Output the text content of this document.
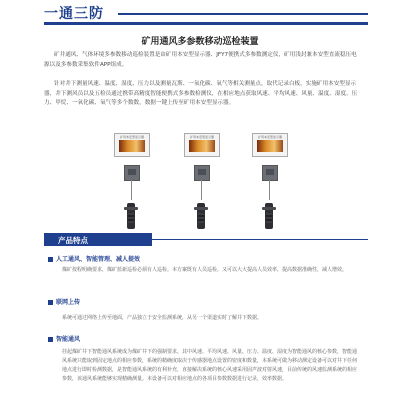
一通三防
矿用通风多参数移动巡检装置
矿井通风、气体环境多参数移动巡检装置是由矿用本安型显示器、JFY7便携式多参数测定仪，矿用浅封兼本安型直流稳压电源以及多参数采集软件APP组成。
针对井下测量风速、温度、湿度、压力以及测量瓦斯、一氧化碳、氧气等相关测量点，取代记录白板，实施矿用本安型显示器，井下测风员以及五检员通过携带高精度智能便携式多参数检测仪，在相应地点获取风速、平均风速、风量、温度、湿度、压力、甲烷、一氧化碳、氧气等多个数数，数据一键上传至矿用本安型显示器。
矿用本安型显示器	矿用本安型显示器	矿用本安型显示器
产品特点
人工通风、智能管理、减人提效
煤矿按程明确要求，煤矿蓝新巡检必须有人巡检。本方案既有人员巡检，又可以大大提高人员效率，提高数据准确性，减人增效。
联网上传
系统可通过网络上传至地面，产品独立于安全监测系统，从另一个渠道实时了解井下数据。
智能通风
挂起煤矿井下智能通风系统成为煤矿井下的强制要求，其中风速、平均风速、风量、压力、温度、湿度为智能通风的核心参数，智能通风系统只能取到固定地点的相应参数，系统的精确度取决于传感器地点设置的密度和数量，本系统可做为移动测定设备可以对井下任何地点进行即时检测数据，是智能通风系统的有利补充，直接解决系统的核心风速采用固声波对射风速，目前传统的风速监测系统的相应参数，该通风系统能够实现精确测量。本设备可以对相应地点的各项目参数数据进行记录，效率数据。
